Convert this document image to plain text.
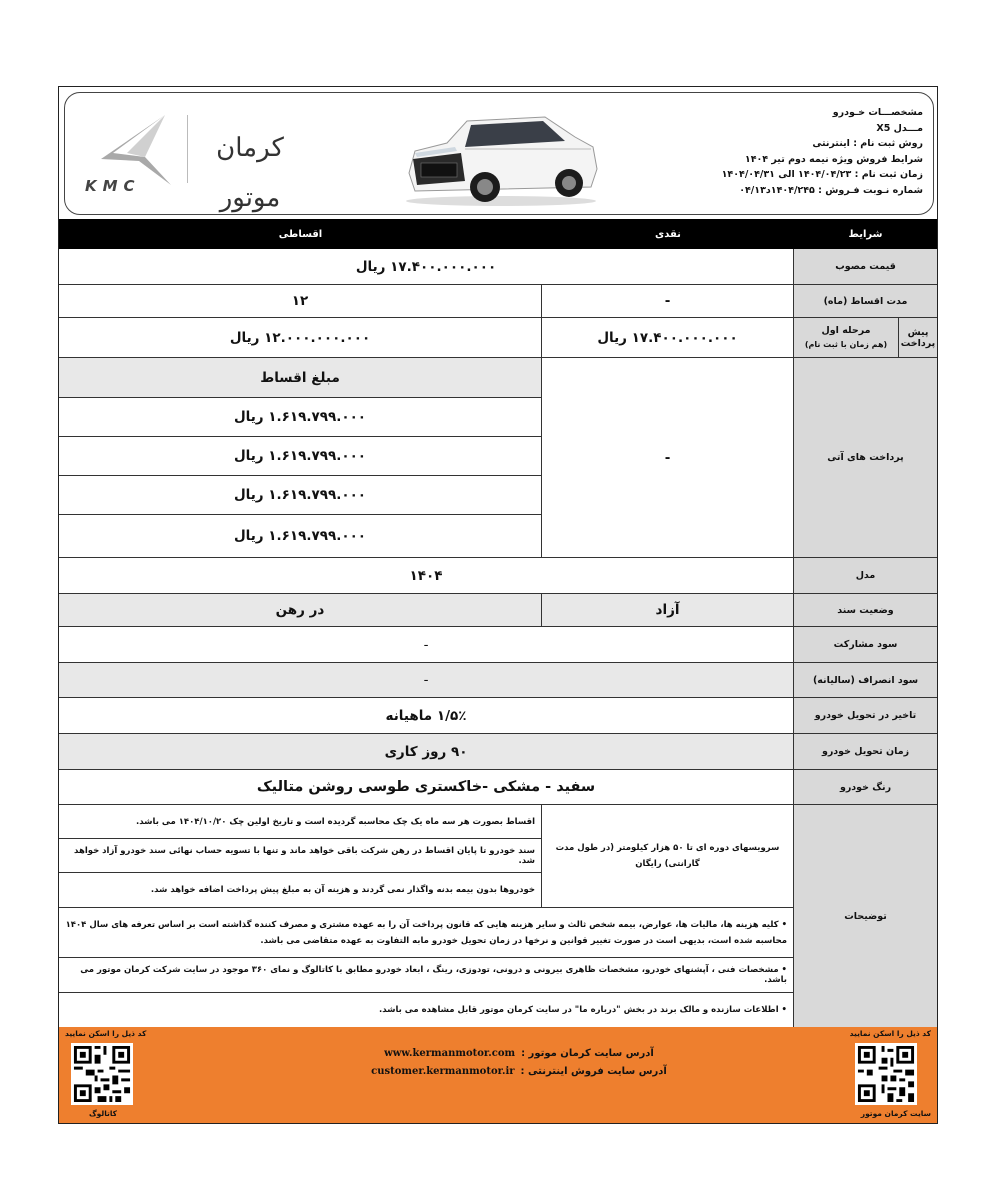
مشخصـــات خـودرو
مـــدل X5
روش ثبت نام : اینترنتی
شرایط فروش ویژه نیمه دوم تیر ۱۴۰۴
زمان ثبت نام : ۱۴۰۴/۰۴/۲۳ الی ۱۴۰۴/۰۴/۳۱
شماره نـوبت فـروش : ۱۴۰۴/۲۴۵د۰۴/۱۳
KMC
کرمان موتور
شرایط
نقدی
اقساطی
قیمت مصوب
۱۷.۴۰۰.۰۰۰.۰۰۰ ریال
مدت اقساط (ماه)
-
۱۲
پیش پرداخت
مرحله اول
(هم زمان با ثبت نام)
۱۷.۴۰۰.۰۰۰.۰۰۰ ریال
۱۲.۰۰۰.۰۰۰.۰۰۰ ریال
پرداخت های آتی
-
مبلغ اقساط
۱.۶۱۹.۷۹۹.۰۰۰ ریال
۱.۶۱۹.۷۹۹.۰۰۰ ریال
۱.۶۱۹.۷۹۹.۰۰۰ ریال
۱.۶۱۹.۷۹۹.۰۰۰ ریال
مدل
۱۴۰۴
وضعیت سند
آزاد
در رهن
سود مشارکت
-
سود انصراف (سالیانه)
-
تاخیر در تحویل خودرو
۱/۵٪ ماهیانه
زمان تحویل خودرو
۹۰ روز کاری
رنگ خودرو
سفید - مشکی -خاکستری طوسی روشن متالیک
توضیحات
سرویسهای دوره ای تا ۵۰ هزار کیلومتر (در طول مدت گارانتی) رایگان
اقساط بصورت هر سه ماه یک چک محاسبه گردیده است و تاریخ اولین چک ۱۴۰۴/۱۰/۲۰ می باشد.
سند خودرو تا پایان اقساط در رهن شرکت باقی خواهد ماند و تنها با تسویه حساب نهائی سند خودرو آزاد خواهد شد.
خودروها بدون بیمه بدنه واگذار نمی گردند و هزینه آن به مبلغ پیش پرداخت اضافه خواهد شد.
• کلیه هزینه ها، مالیات ها، عوارض، بیمه شخص ثالث و سایر هزینه هایی که قانون پرداخت آن را به عهده مشتری و مصرف کننده گذاشته است بر اساس تعرفه های سال ۱۴۰۴ محاسبه شده است، بدیهی است در صورت تغییر قوانین و نرخها در زمان تحویل خودرو مابه التفاوت به عهده متقاضی می باشد.
• مشخصات فنی ، آپشنهای خودرو، مشخصات ظاهری بیرونی و درونی، تودوزی، رینگ ، ابعاد خودرو مطابق با کاتالوگ و نمای ۳۶۰ موجود در سایت شرکت کرمان موتور می باشد.
• اطلاعات سازنده و مالک برند در بخش "درباره ما" در سایت کرمان موتور قابل مشاهده می باشد.
کد ذیل را اسکن نمایید
سایت کرمان موتور
کد ذیل را اسکن نمایید
کاتالوگ
www.kermanmotor.com آدرس سایت کرمان موتور :
customer.kermanmotor.ir آدرس سایت فروش اینترنتی :
